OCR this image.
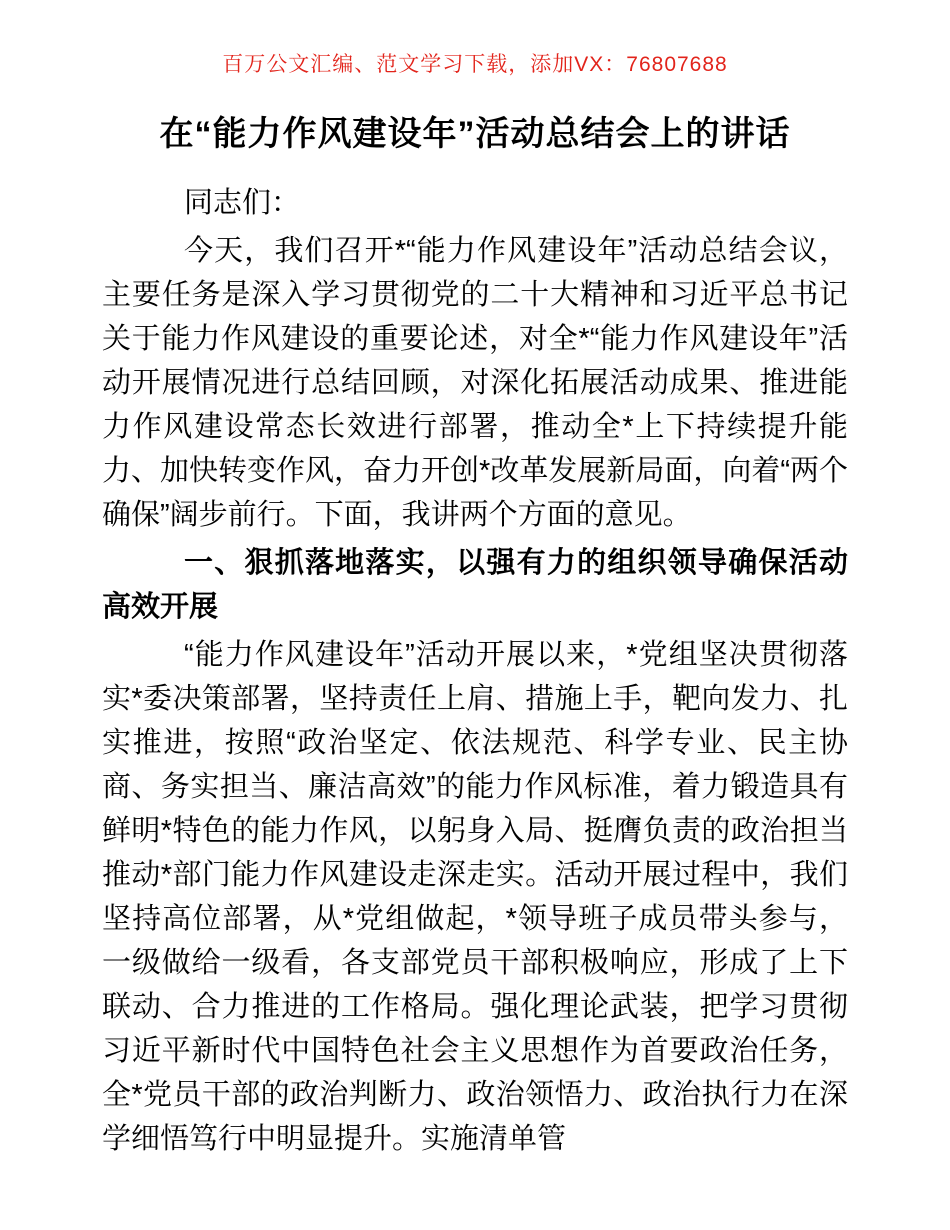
百万公文汇编、范文学习下载，添加VX：76807688
在“能力作风建设年”活动总结会上的讲话

同志们：

今天，我们召开*“能力作风建设年”活动总结会议，主要任务是深入学习贯彻党的二十大精神和习近平总书记关于能力作风建设的重要论述，对全*“能力作风建设年”活动开展情况进行总结回顾，对深化拓展活动成果、推进能力作风建设常态长效进行部署，推动全*上下持续提升能力、加快转变作风，奋力开创*改革发展新局面，向着“两个确保”阔步前行。下面，我讲两个方面的意见。

一、狠抓落地落实，以强有力的组织领导确保活动高效开展

“能力作风建设年”活动开展以来，*党组坚决贯彻落实*委决策部署，坚持责任上肩、措施上手，靶向发力、扎实推进，按照“政治坚定、依法规范、科学专业、民主协商、务实担当、廉洁高效”的能力作风标准，着力锻造具有鲜明*特色的能力作风，以躬身入局、挺膺负责的政治担当推动*部门能力作风建设走深走实。活动开展过程中，我们坚持高位部署，从*党组做起，*领导班子成员带头参与，一级做给一级看，各支部党员干部积极响应，形成了上下联动、合力推进的工作格局。强化理论武装，把学习贯彻习近平新时代中国特色社会主义思想作为首要政治任务，全*党员干部的政治判断力、政治领悟力、政治执行力在深学细悟笃行中明显提升。实施清单管
